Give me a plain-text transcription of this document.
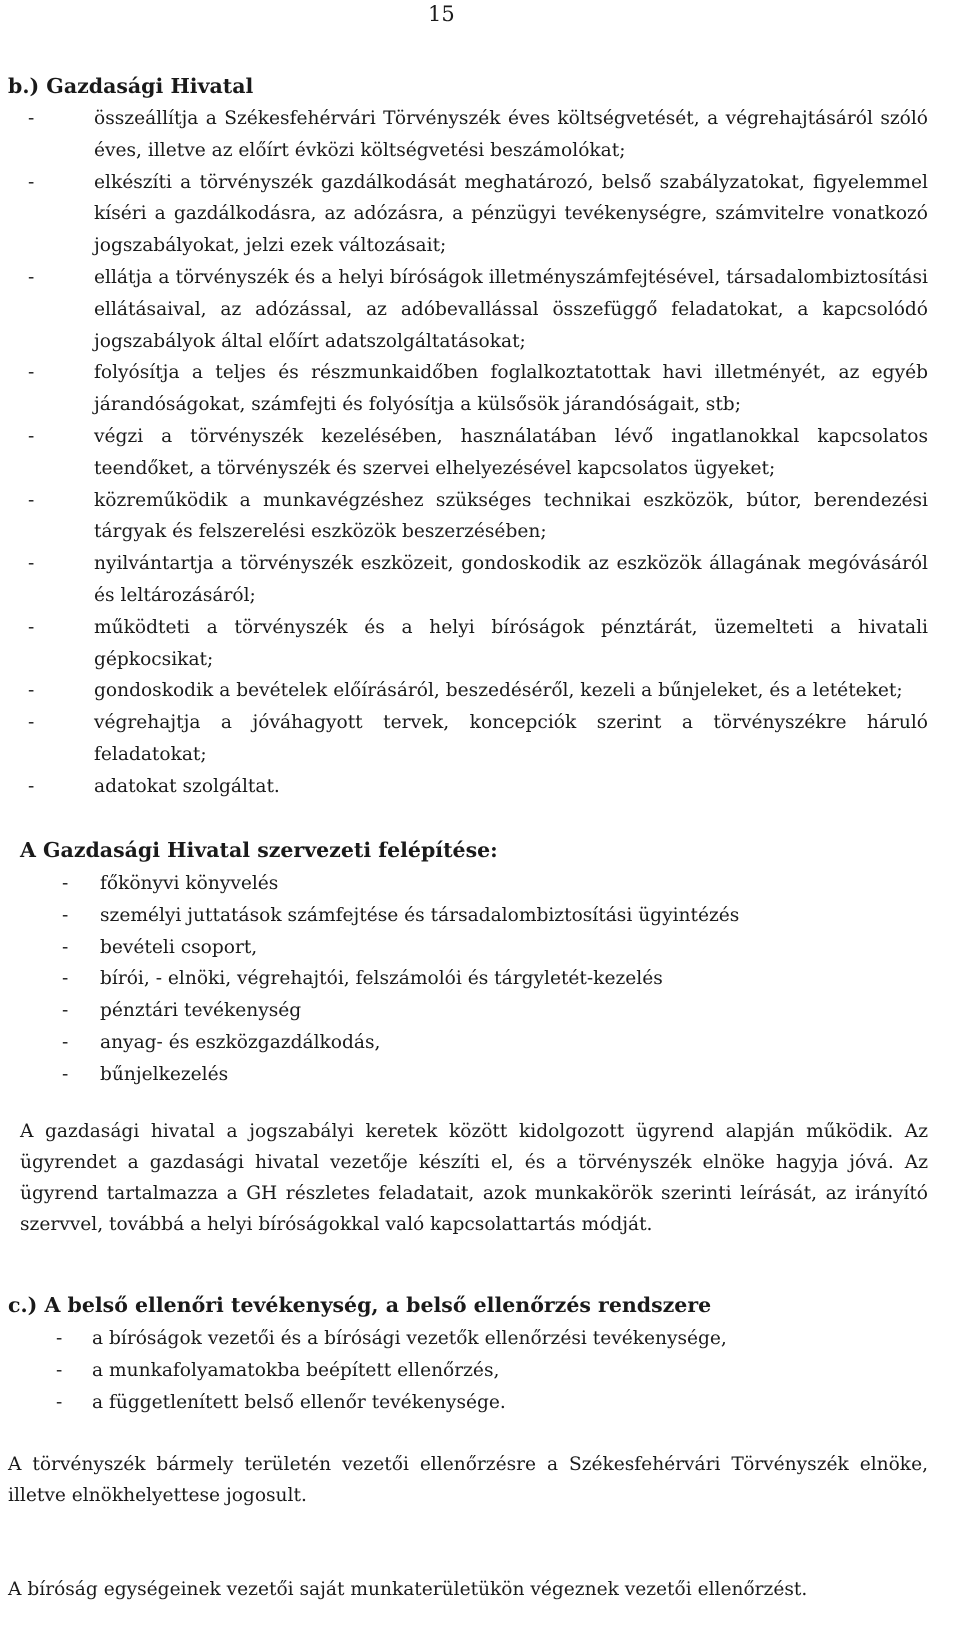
15
b.) Gazdasági Hivatal
-	összeállítja a Székesfehérvári Törvényszék éves költségvetését, a végrehajtásáról szóló éves, illetve az előírt évközi költségvetési beszámolókat;
-	elkészíti a törvényszék gazdálkodását meghatározó, belső szabályzatokat, figyelemmel kíséri a gazdálkodásra, az adózásra, a pénzügyi tevékenységre, számvitelre vonatkozó jogszabályokat, jelzi ezek változásait;
-	ellátja a törvényszék és a helyi bíróságok illetményszámfejtésével, társadalombiztosítási ellátásaival, az adózással, az adóbevallással összefüggő feladatokat, a kapcsolódó jogszabályok által előírt adatszolgáltatásokat;
-	folyósítja a teljes és részmunkaidőben foglalkoztatottak havi illetményét, az egyéb járandóságokat, számfejti és folyósítja a külsősök járandóságait, stb;
-	végzi a törvényszék kezelésében, használatában lévő ingatlanokkal kapcsolatos teendőket, a törvényszék és szervei elhelyezésével kapcsolatos ügyeket;
-	közreműködik a munkavégzéshez szükséges technikai eszközök, bútor, berendezési tárgyak és felszerelési eszközök beszerzésében;
-	nyilvántartja a törvényszék eszközeit, gondoskodik az eszközök állagának megóvásáról és leltározásáról;
-	működteti a törvényszék és a helyi bíróságok pénztárát, üzemelteti a hivatali gépkocsikat;
-	gondoskodik a bevételek előírásáról, beszedéséről, kezeli a bűnjeleket, és a letéteket;
-	végrehajtja a jóváhagyott tervek, koncepciók szerint a törvényszékre háruló feladatokat;
-	adatokat szolgáltat.
A Gazdasági Hivatal szervezeti felépítése:
- főkönyvi könyvelés
- személyi juttatások számfejtése és társadalombiztosítási ügyintézés
- bevételi csoport,
- bírói, - elnöki, végrehajtói, felszámolói és tárgyletét-kezelés
- pénztári tevékenység
- anyag- és eszközgazdálkodás,
- bűnjelkezelés

A gazdasági hivatal a jogszabályi keretek között kidolgozott ügyrend alapján működik. Az ügyrendet a gazdasági hivatal vezetője készíti el, és a törvényszék elnöke hagyja jóvá. Az ügyrend tartalmazza a GH részletes feladatait, azok munkakörök szerinti leírását, az irányító szervvel, továbbá a helyi bíróságokkal való kapcsolattartás módját.

c.) A belső ellenőri tevékenység, a belső ellenőrzés rendszere
- a bíróságok vezetői és a bírósági vezetők ellenőrzési tevékenysége,
- a munkafolyamatokba beépített ellenőrzés,
- a függetlenített belső ellenőr tevékenysége.

A törvényszék bármely területén vezetői ellenőrzésre a Székesfehérvári Törvényszék elnöke, illetve elnökhelyettese jogosult.

A bíróság egységeinek vezetői saját munkaterületükön végeznek vezetői ellenőrzést.
